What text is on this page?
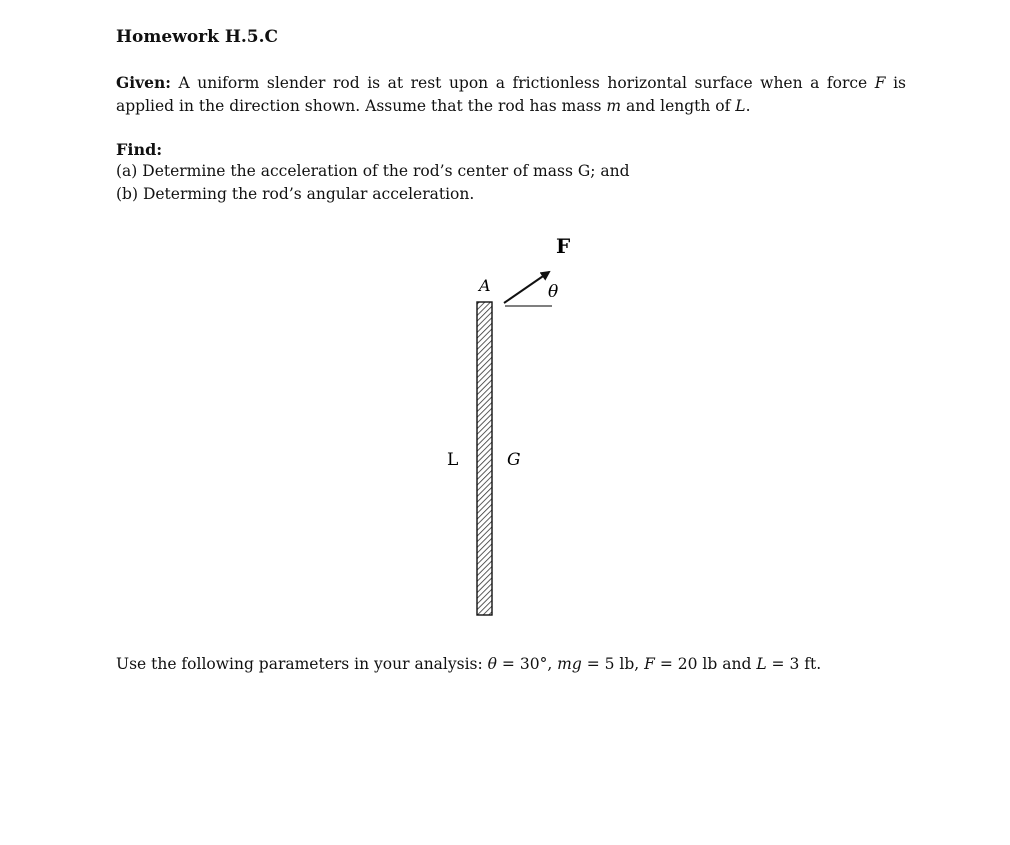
Homework H.5.C
Given: A uniform slender rod is at rest upon a frictionless horizontal surface when a force F is applied in the direction shown. Assume that the rod has mass m and length of L.
Find:
(a) Determine the acceleration of the rod’s center of mass G; and
(b) Determing the rod’s angular acceleration.
F
A	θ
L	G
Use the following parameters in your analysis: θ = 30°, mg = 5 lb, F = 20 lb and L = 3 ft.
